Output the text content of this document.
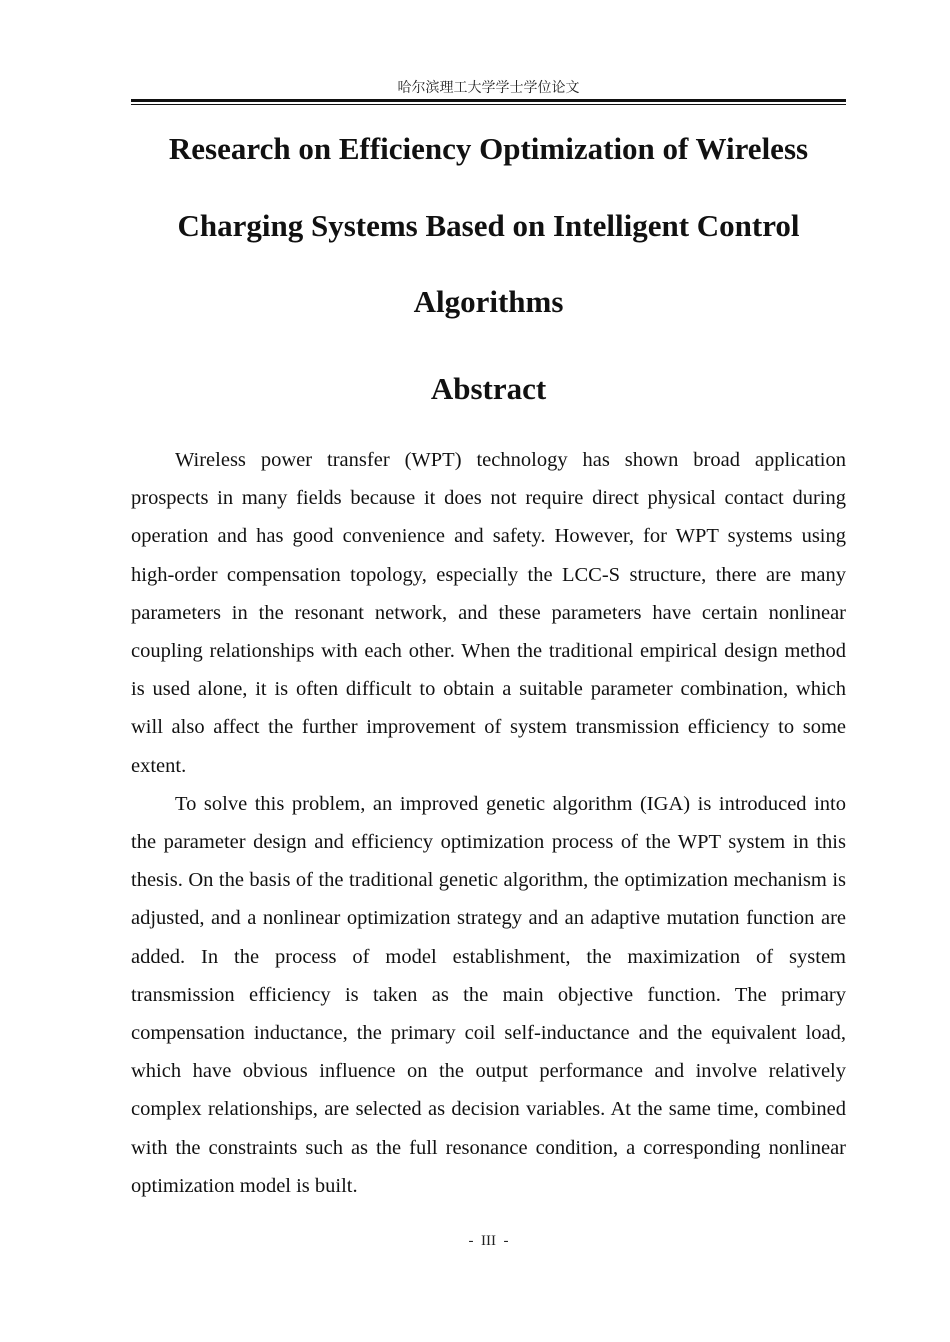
哈尔滨理工大学学士学位论文
Research on Efficiency Optimization of Wireless Charging Systems Based on Intelligent Control Algorithms
Abstract

Wireless power transfer (WPT) technology has shown broad application prospects in many fields because it does not require direct physical contact during operation and has good convenience and safety. However, for WPT systems using high-order compensation topology, especially the LCC-S structure, there are many parameters in the resonant network, and these parameters have certain nonlinear coupling relationships with each other. When the traditional empirical design method is used alone, it is often difficult to obtain a suitable parameter combination, which will also affect the further improvement of system transmission efficiency to some extent.

To solve this problem, an improved genetic algorithm (IGA) is introduced into the parameter design and efficiency optimization process of the WPT system in this thesis. On the basis of the traditional genetic algorithm, the optimization mechanism is adjusted, and a nonlinear optimization strategy and an adaptive mutation function are added. In the process of model establishment, the maximization of system transmission efficiency is taken as the main objective function. The primary compensation inductance, the primary coil self-inductance and the equivalent load, which have obvious influence on the output performance and involve relatively complex relationships, are selected as decision variables. At the same time, combined with the constraints such as the full resonance condition, a corresponding nonlinear optimization model is built.

-  III  -
